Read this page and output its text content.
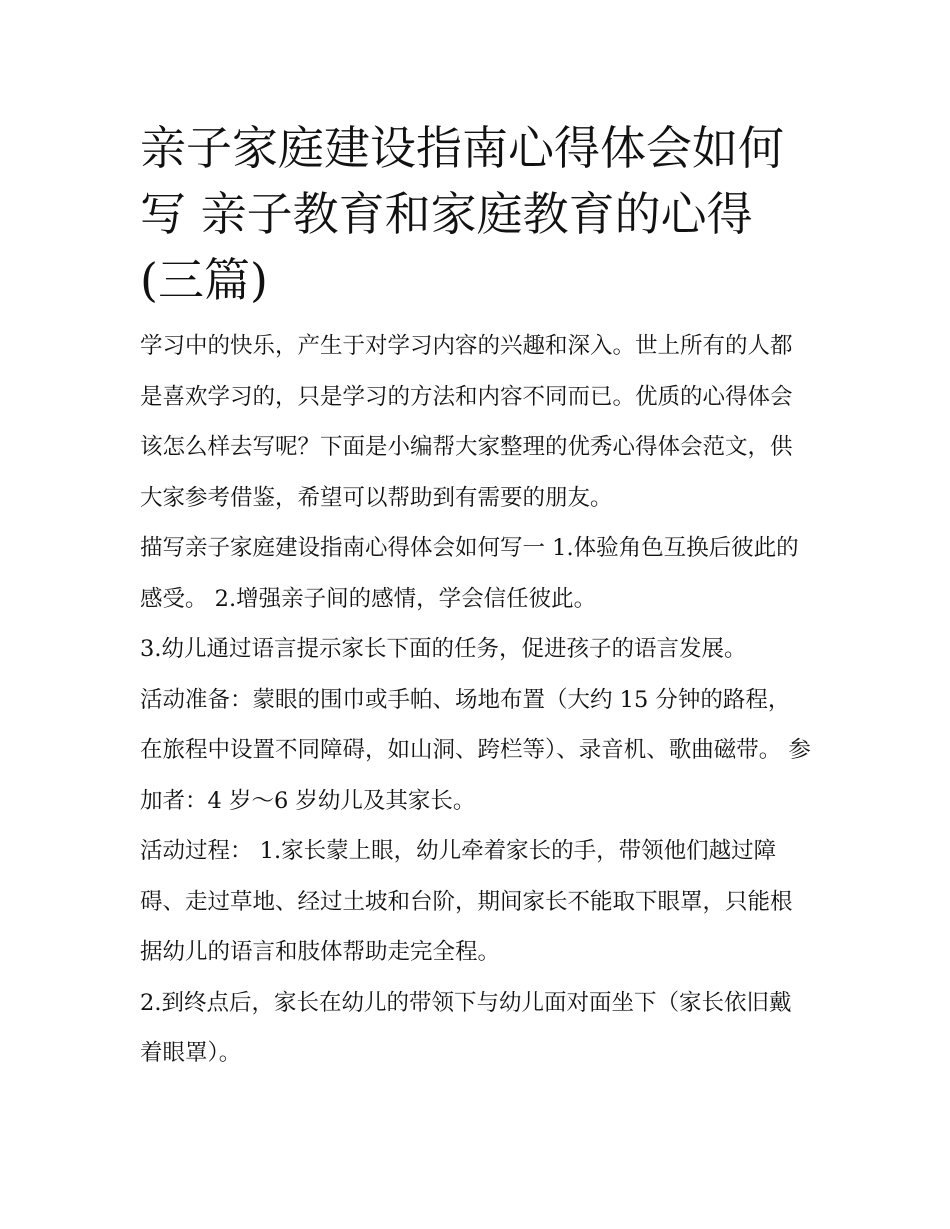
亲子家庭建设指南心得体会如何写 亲子教育和家庭教育的心得(三篇)

学习中的快乐，产生于对学习内容的兴趣和深入。世上所有的人都是喜欢学习的，只是学习的方法和内容不同而已。优质的心得体会该怎么样去写呢？下面是小编帮大家整理的优秀心得体会范文，供大家参考借鉴，希望可以帮助到有需要的朋友。

描写亲子家庭建设指南心得体会如何写一 1.体验角色互换后彼此的感受。 2.增强亲子间的感情，学会信任彼此。

3.幼儿通过语言提示家长下面的任务，促进孩子的语言发展。

活动准备：蒙眼的围巾或手帕、场地布置（大约 15 分钟的路程，在旅程中设置不同障碍，如山洞、跨栏等）、录音机、歌曲磁带。 参加者：4 岁～6 岁幼儿及其家长。

活动过程： 1.家长蒙上眼，幼儿牵着家长的手，带领他们越过障碍、走过草地、经过土坡和台阶，期间家长不能取下眼罩，只能根据幼儿的语言和肢体帮助走完全程。

2.到终点后，家长在幼儿的带领下与幼儿面对面坐下（家长依旧戴着眼罩）。
